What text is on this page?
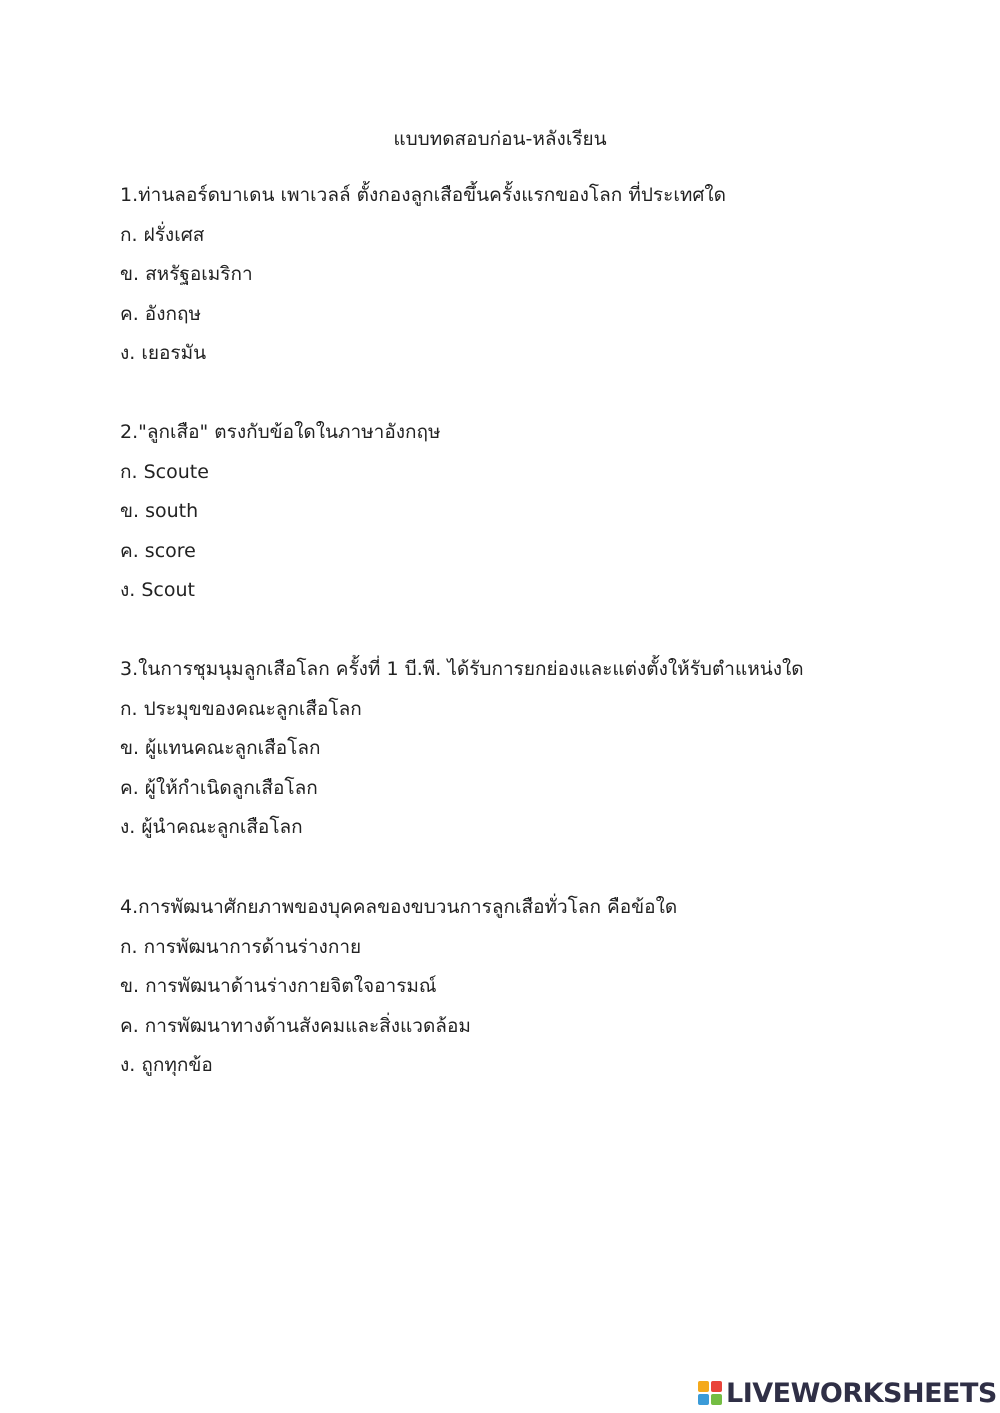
แบบทดสอบก่อน-หลังเรียน
1.ท่านลอร์ดบาเดน เพาเวลล์ ตั้งกองลูกเสือขึ้นครั้งแรกของโลก ที่ประเทศใด
ก. ฝรั่งเศส
ข. สหรัฐอเมริกา
ค. อังกฤษ
ง. เยอรมัน
2."ลูกเสือ" ตรงกับข้อใดในภาษาอังกฤษ
ก. Scoute
ข. south
ค. score
ง. Scout
3.ในการชุมนุมลูกเสือโลก ครั้งที่ 1 บี.พี. ได้รับการยกย่องและแต่งตั้งให้รับตำแหน่งใด
ก. ประมุขของคณะลูกเสือโลก
ข. ผู้แทนคณะลูกเสือโลก
ค. ผู้ให้กำเนิดลูกเสือโลก
ง. ผู้นำคณะลูกเสือโลก
4.การพัฒนาศักยภาพของบุคคลของขบวนการลูกเสือทั่วโลก คือข้อใด
ก. การพัฒนาการด้านร่างกาย
ข. การพัฒนาด้านร่างกายจิตใจอารมณ์
ค. การพัฒนาทางด้านสังคมและสิ่งแวดล้อม
ง. ถูกทุกข้อ
LIVEWORKSHEETS
